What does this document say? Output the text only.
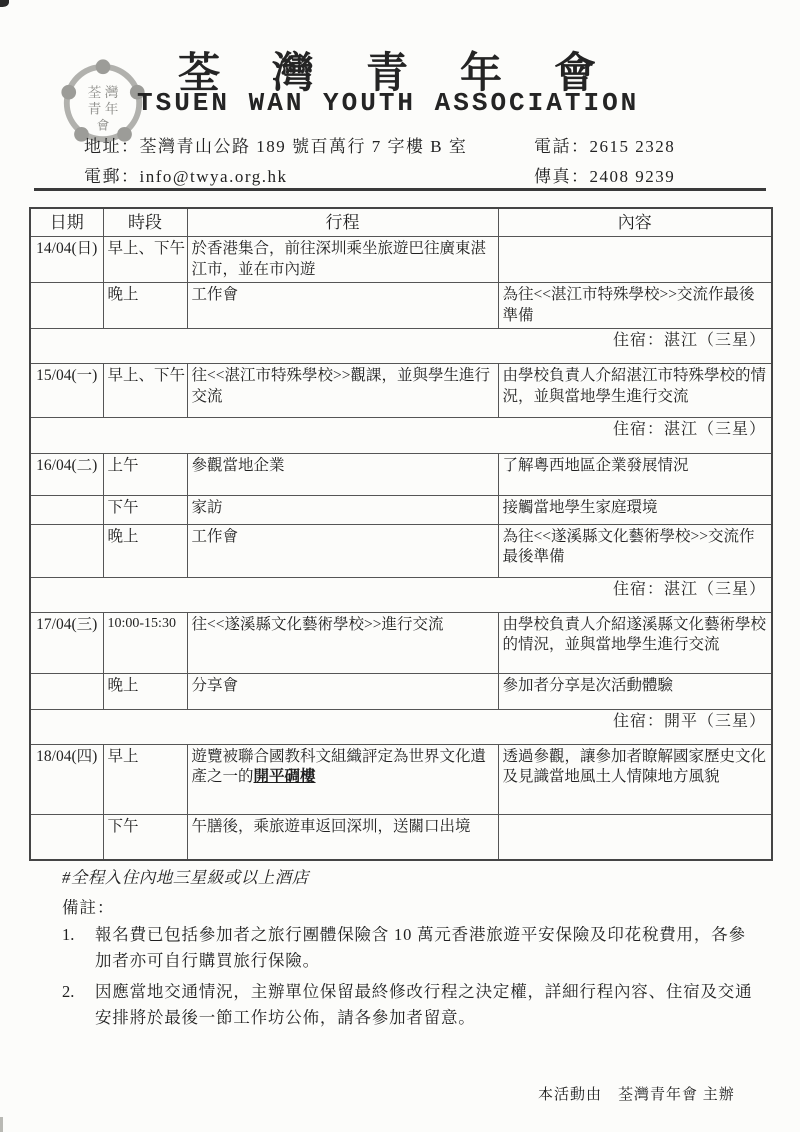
荃 灣
青 年
會
荃灣青年會
TSUEN WAN YOUTH ASSOCIATION
地址：荃灣青山公路 189 號百萬行 7 字樓 B 室
電郵：info@twya.org.hk
電話：2615 2328
傳真：2408 9239
日期	時段	行程	內容
14/04(日)	早上、下午	於香港集合，前往深圳乘坐旅遊巴往廣東湛江市，並在市內遊	
	晚上	工作會	為往<<湛江市特殊學校>>交流作最後準備
住宿：湛江（三星）			
15/04(一)	早上、下午	往<<湛江市特殊學校>>觀課，並與學生進行交流	由學校負責人介紹湛江市特殊學校的情況，並與當地學生進行交流
住宿：湛江（三星）			
16/04(二)	上午	參觀當地企業	了解粵西地區企業發展情況
	下午	家訪	接觸當地學生家庭環境
	晚上	工作會	為往<<遂溪縣文化藝術學校>>交流作最後準備
住宿：湛江（三星）			
17/04(三)	10:00-15:30	往<<遂溪縣文化藝術學校>>進行交流	由學校負責人介紹遂溪縣文化藝術學校的情況，並與當地學生進行交流
	晚上	分享會	參加者分享是次活動體驗
住宿：開平（三星）			
18/04(四)	早上	遊覽被聯合國教科文組織評定為世界文化遺產之一的開平碉樓	透過參觀，讓參加者瞭解國家歷史文化及見識當地風土人情陳地方風貌
	下午	午膳後，乘旅遊車返回深圳，送關口出境	

#全程入住內地三星級或以上酒店

備註：

1.	報名費已包括參加者之旅行團體保險含 10 萬元香港旅遊平安保險及印花稅費用，各參加者亦可自行購買旅行保險。
2.	因應當地交通情況，主辦單位保留最終修改行程之決定權，詳細行程內容、住宿及交通安排將於最後一節工作坊公佈，請各參加者留意。
本活動由　荃灣青年會 主辦
